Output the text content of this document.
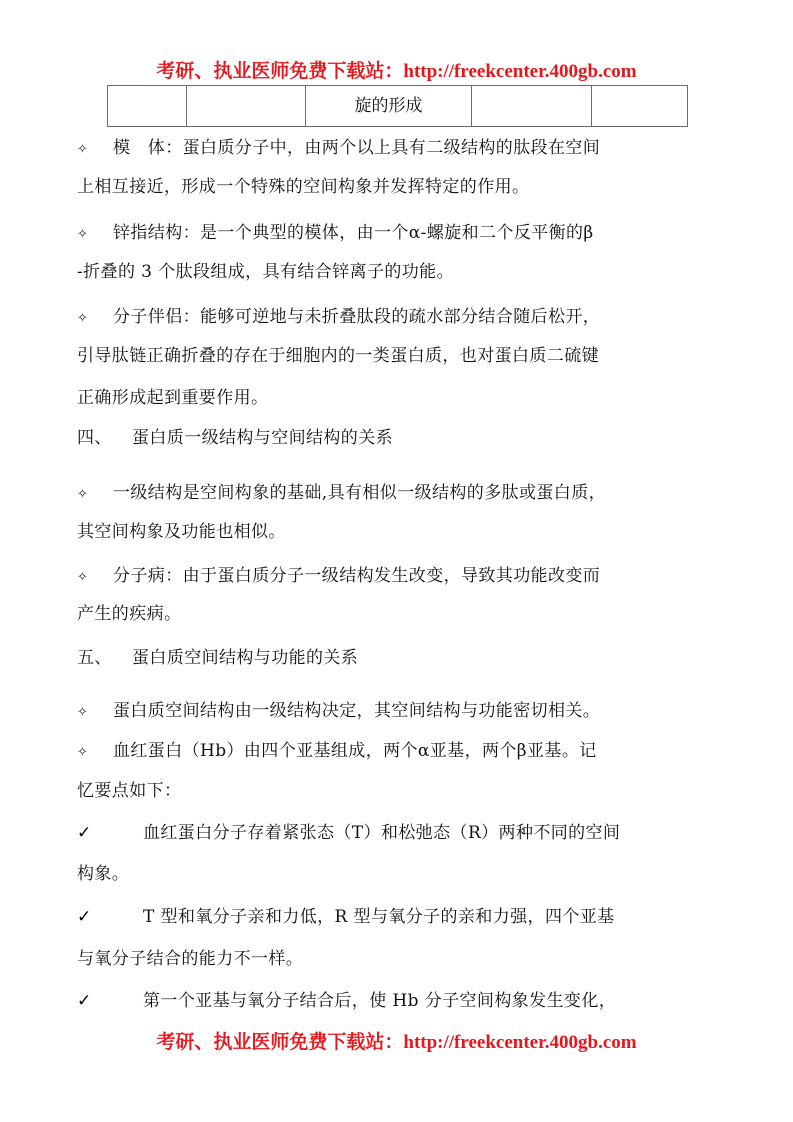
考研、执业医师免费下载站：http://freekcenter.400gb.com
		旋的形成		
✧ 模　体：蛋白质分子中，由两个以上具有二级结构的肽段在空间
上相互接近，形成一个特殊的空间构象并发挥特定的作用。
✧ 锌指结构：是一个典型的模体，由一个α-螺旋和二个反平衡的β
-折叠的 3 个肽段组成，具有结合锌离子的功能。
✧ 分子伴侣：能够可逆地与未折叠肽段的疏水部分结合随后松开，
引导肽链正确折叠的存在于细胞内的一类蛋白质，也对蛋白质二硫键
正确形成起到重要作用。
四、 蛋白质一级结构与空间结构的关系
✧ 一级结构是空间构象的基础,具有相似一级结构的多肽或蛋白质，
其空间构象及功能也相似。
✧ 分子病：由于蛋白质分子一级结构发生改变，导致其功能改变而
产生的疾病。
五、 蛋白质空间结构与功能的关系
✧ 蛋白质空间结构由一级结构决定，其空间结构与功能密切相关。
✧ 血红蛋白（Hb）由四个亚基组成，两个α亚基，两个β亚基。记
忆要点如下：
✓	血红蛋白分子存着紧张态（T）和松弛态（R）两种不同的空间
构象。
✓	T 型和氧分子亲和力低，R 型与氧分子的亲和力强，四个亚基
与氧分子结合的能力不一样。
✓	第一个亚基与氧分子结合后，使 Hb 分子空间构象发生变化，
考研、执业医师免费下载站：http://freekcenter.400gb.com
